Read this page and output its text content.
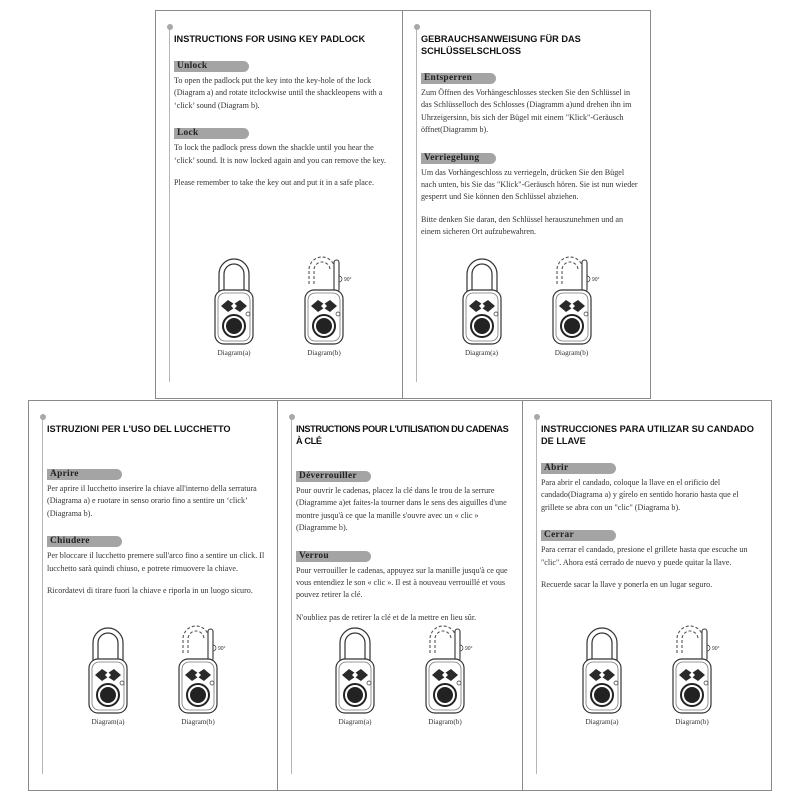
INSTRUCTIONS FOR USING KEY PADLOCK
Unlock

To open the padlock put the key into the key-hole of the lock (Diagram a) and rotate itclockwise until the shackleopens with a ‘click’ sound (Diagram b).

Lock

To lock the padlock press down the shackle until you hear the ‘click’ sound. It is now locked again and you can remove the key.

Please remember to take the key out and put it in a safe place.

Diagram(a)
90°
Diagram(b)
GEBRAUCHSANWEISUNG FÜR DAS SCHLÜSSELSCHLOSS
Entsperren

Zum Öffnen des Vorhängeschlosses stecken Sie den Schlüssel in das Schlüsselloch des Schlosses (Diagramm a)und drehen ihn im Uhrzeigersinn, bis sich der Bügel mit einem "Klick"-Geräusch öffnet(Diagramm b).

Verriegelung

Um das Vorhängeschloss zu verriegeln, drücken Sie den Bügel nach unten, bis Sie das "Klick"-Geräusch hören. Sie ist nun wieder gesperrt und Sie können den Schlüssel abziehen.

Bitte denken Sie daran, den Schlüssel herauszunehmen und an einem sicheren Ort aufzubewahren.

Diagram(a)
90°
Diagram(b)
ISTRUZIONI PER L'USO DEL LUCCHETTO
Aprire

Per aprire il lucchetto inserire la chiave all'interno della serratura (Diagrama a) e ruotare in senso orario fino a sentire un ‘click’ (Diagrama b).

Chiudere

Per bloccare il lucchetto premere sull'arco fino a sentire un click. Il lucchetto sarà quindi chiuso, e potrete rimuovere la chiave.

Ricordatevi di tirare fuori la chiave e riporla in un luogo sicuro.

Diagram(a)
90°
Diagram(b)
INSTRUCTIONS POUR L'UTILISATION DU CADENAS À CLÉ
Déverrouiller

Pour ouvrir le cadenas, placez la clé dans le trou de la serrure (Diagramme a)et faites-la tourner dans le sens des aiguilles d'une montre jusqu'à ce que la manille s'ouvre avec un « clic » (Diagramme b).

Verrou

Pour verrouiller le cadenas, appuyez sur la manille jusqu'à ce que vous entendiez le son « clic ». Il est à nouveau verrouillé et vous pouvez retirer la clé.

N'oubliez pas de retirer la clé et de la mettre en lieu sûr.

Diagram(a)
90°
Diagram(b)
INSTRUCCIONES PARA UTILIZAR SU CANDADO DE LLAVE
Abrir

Para abrir el candado, coloque la llave en el orificio del candado(Diagrama a) y gírelo en sentido horario hasta que el grillete se abra con un "clic" (Diagrama b).

Cerrar

Para cerrar el candado, presione el grillete hasta que escuche un "clic". Ahora está cerrado de nuevo y puede quitar la llave.

Recuerde sacar la llave y ponerla en un lugar seguro.

Diagram(a)
90°
Diagram(b)
